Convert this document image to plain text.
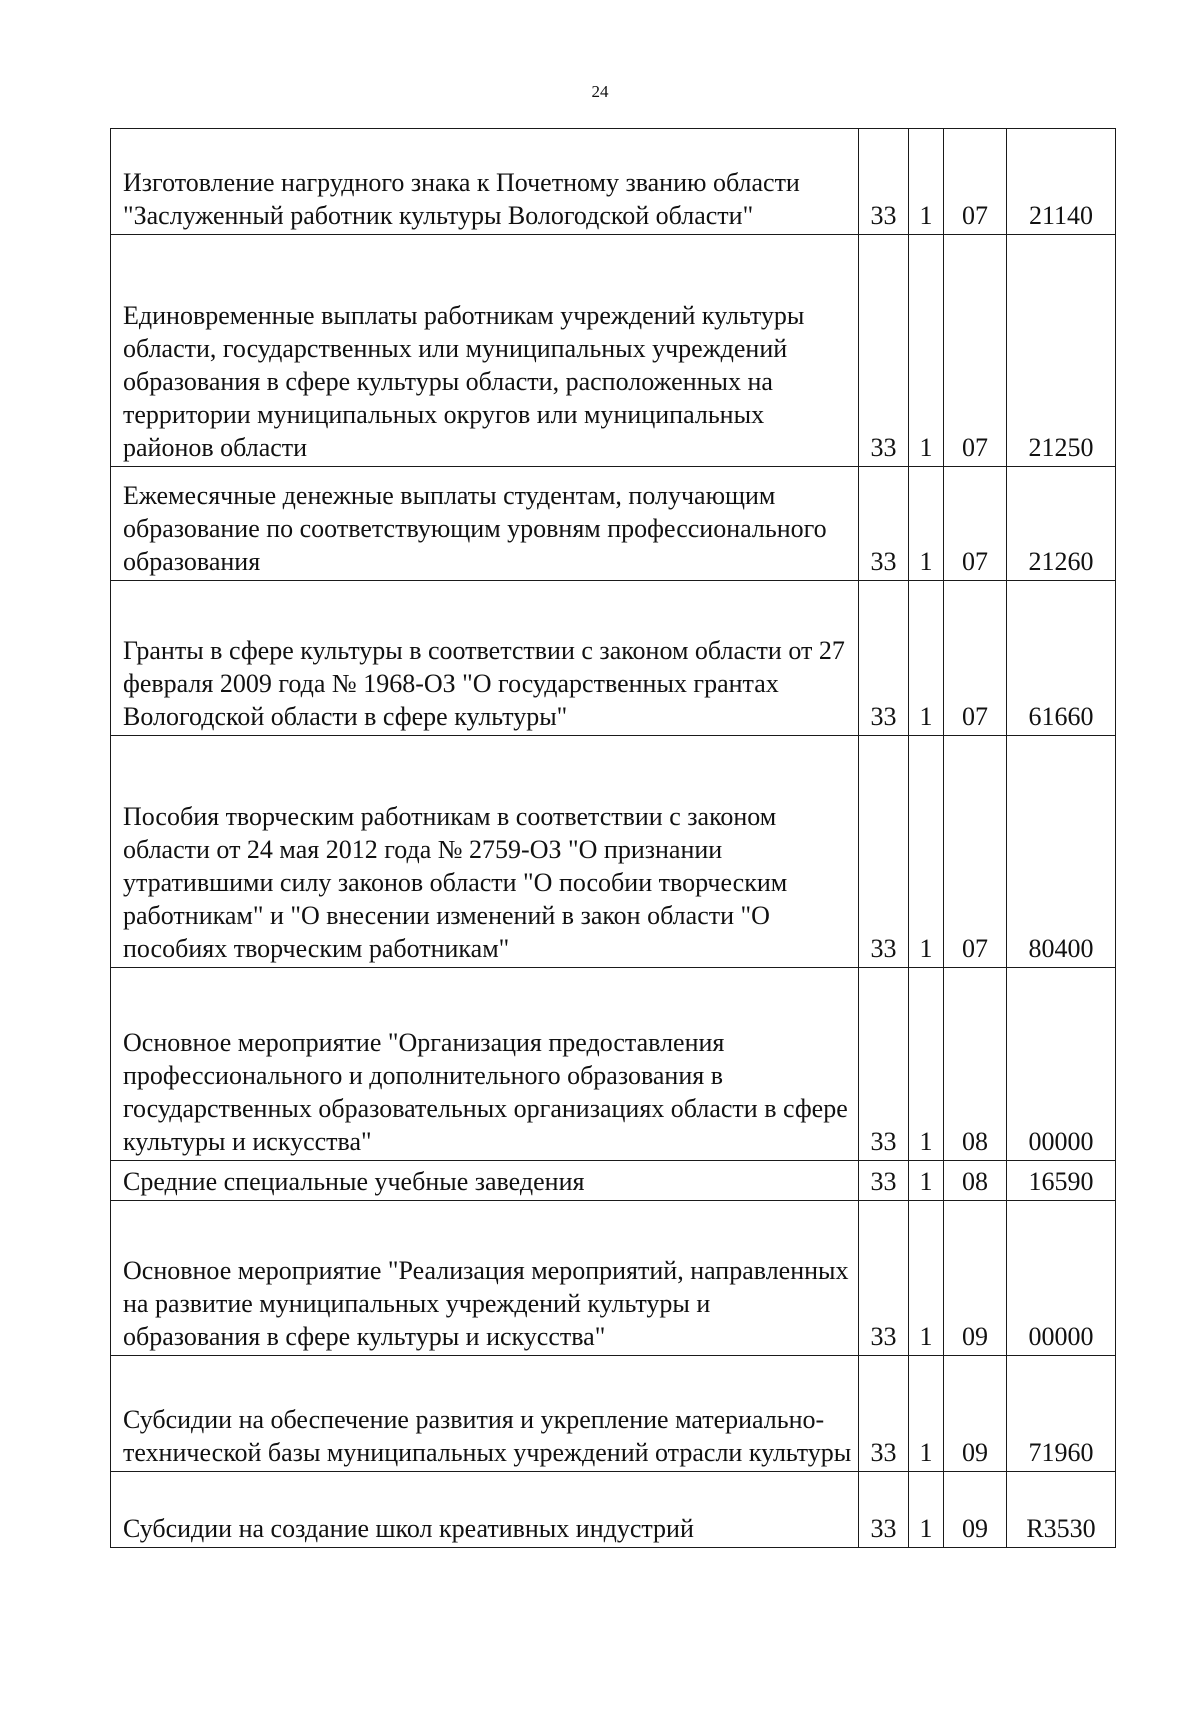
24
Изготовление нагрудного знака к Почетному званию области "Заслуженный работник культуры Вологодской области"	33	1	07	21140
Единовременные выплаты работникам учреждений культуры области, государственных или муниципальных учреждений образования в сфере культуры области, расположенных на территории муниципальных округов или муниципальных районов области	33	1	07	21250
Ежемесячные денежные выплаты студентам, получающим образование по соответствующим уровням профессионального образования	33	1	07	21260
Гранты в сфере культуры в соответствии с законом области от 27 февраля 2009 года № 1968-ОЗ "О государственных грантах Вологодской области в сфере культуры"	33	1	07	61660
Пособия творческим работникам в соответствии с законом области от 24 мая 2012 года № 2759-ОЗ "О признании утратившими силу законов области "О пособии творческим работникам" и "О внесении изменений в закон области "О пособиях творческим работникам"	33	1	07	80400
Основное мероприятие "Организация предоставления профессионального и дополнительного образования в государственных образовательных организациях области в сфере культуры и искусства"	33	1	08	00000
Средние специальные учебные заведения	33	1	08	16590
Основное мероприятие "Реализация мероприятий, направленных на развитие муниципальных учреждений культуры и образования в сфере культуры и искусства"	33	1	09	00000
Субсидии на обеспечение развития и укрепление материально-технической базы муниципальных учреждений отрасли культуры	33	1	09	71960
Субсидии на создание школ креативных индустрий	33	1	09	R3530
